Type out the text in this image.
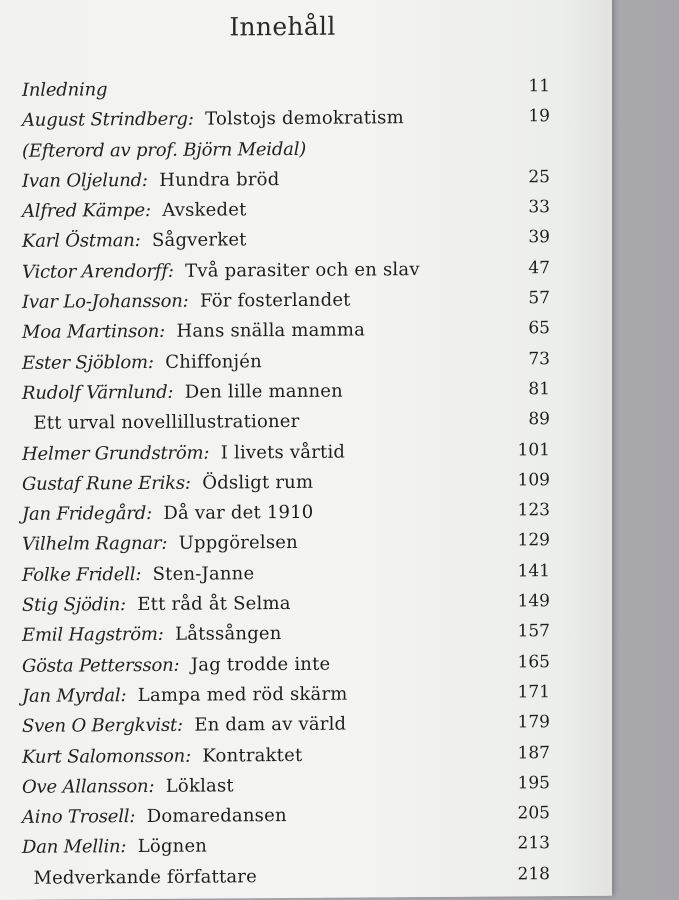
Innehåll
Inledning	11
August Strindberg: Tolstojs demokratism	19
(Efterord av prof. Björn Meidal)
Ivan Oljelund: Hundra bröd	25
Alfred Kämpe: Avskedet	33
Karl Östman: Sågverket	39
Victor Arendorff: Två parasiter och en slav	47
Ivar Lo-Johansson: För fosterlandet	57
Moa Martinson: Hans snälla mamma	65
Ester Sjöblom: Chiffonjén	73
Rudolf Värnlund: Den lille mannen	81
Ett urval novellillustrationer	89
Helmer Grundström: I livets vårtid	101
Gustaf Rune Eriks: Ödsligt rum	109
Jan Fridegård: Då var det 1910	123
Vilhelm Ragnar: Uppgörelsen	129
Folke Fridell: Sten-Janne	141
Stig Sjödin: Ett råd åt Selma	149
Emil Hagström: Låtssången	157
Gösta Pettersson: Jag trodde inte	165
Jan Myrdal: Lampa med röd skärm	171
Sven O Bergkvist: En dam av värld	179
Kurt Salomonsson: Kontraktet	187
Ove Allansson: Löklast	195
Aino Trosell: Domaredansen	205
Dan Mellin: Lögnen	213
Medverkande författare	218
